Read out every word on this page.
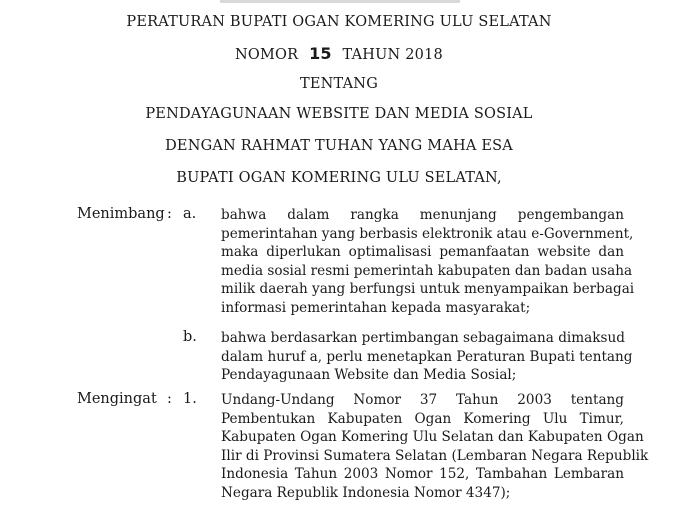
PERATURAN BUPATI OGAN KOMERING ULU SELATAN
NOMOR 15 TAHUN 2018
TENTANG
PENDAYAGUNAAN WEBSITE DAN MEDIA SOSIAL
DENGAN RAHMAT TUHAN YANG MAHA ESA
BUPATI OGAN KOMERING ULU SELATAN,
Menimbang : a. bahwa dalam rangka menunjang pengembangan
pemerintahan yang berbasis elektronik atau e-Government,
maka diperlukan optimalisasi pemanfaatan website dan
media sosial resmi pemerintah kabupaten dan badan usaha
milik daerah yang berfungsi untuk menyampaikan berbagai
informasi pemerintahan kepada masyarakat;
b. bahwa berdasarkan pertimbangan sebagaimana dimaksud
dalam huruf a, perlu menetapkan Peraturan Bupati tentang
Pendayagunaan Website dan Media Sosial;
Mengingat : 1. Undang-Undang Nomor 37 Tahun 2003 tentang
Pembentukan Kabupaten Ogan Komering Ulu Timur,
Kabupaten Ogan Komering Ulu Selatan dan Kabupaten Ogan
Ilir di Provinsi Sumatera Selatan (Lembaran Negara Republik
Indonesia Tahun 2003 Nomor 152, Tambahan Lembaran
Negara Republik Indonesia Nomor 4347);
